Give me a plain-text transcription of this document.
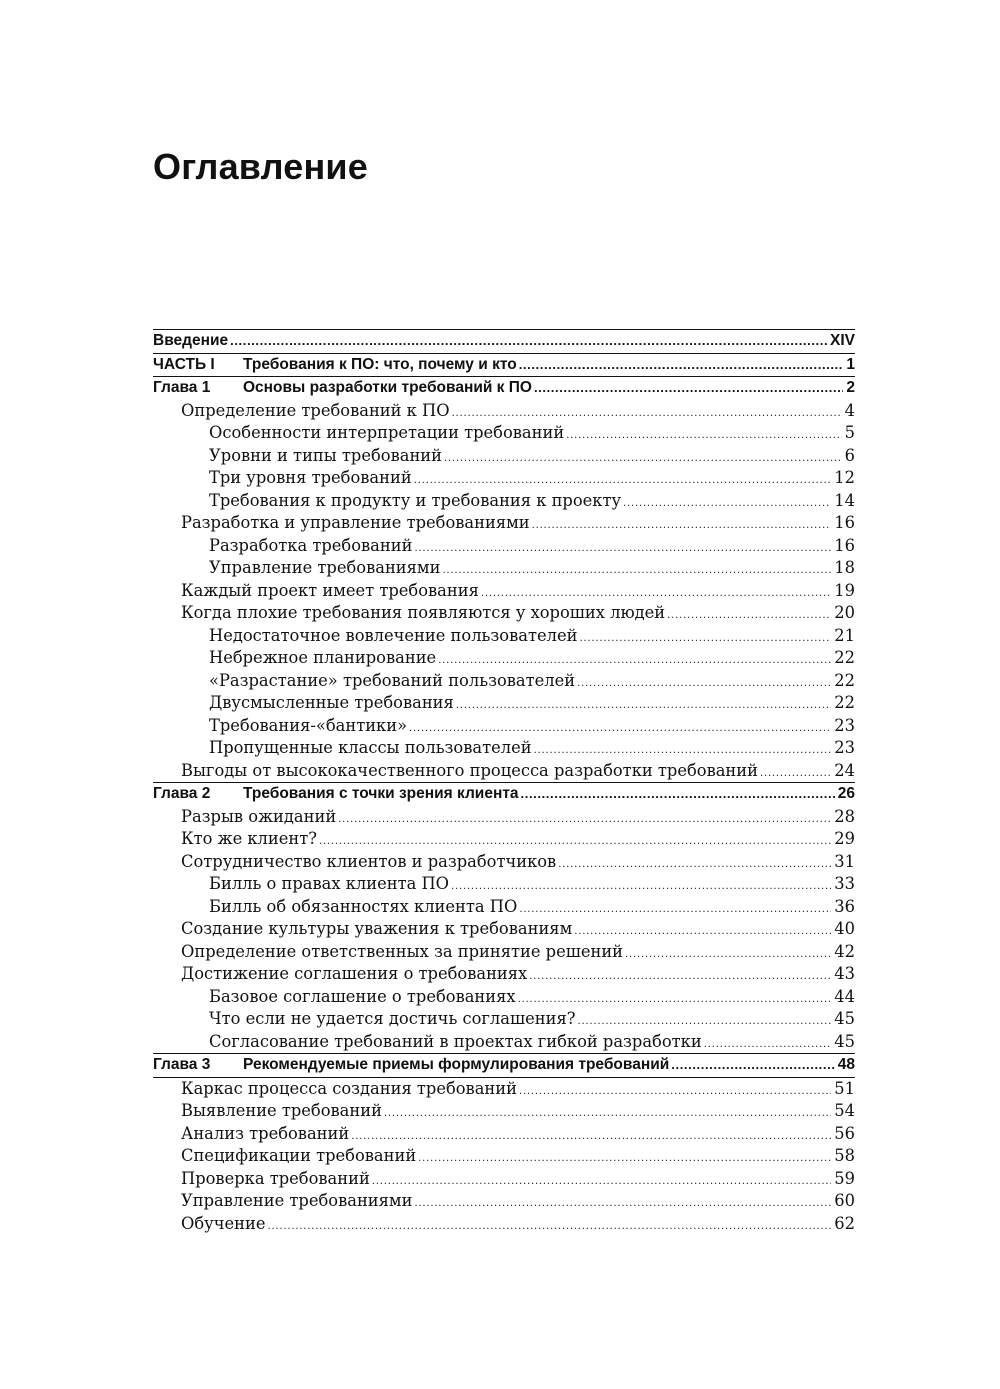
Оглавление
Введение .....	XIV
ЧАСТЬ I Требования к ПО: что, почему и кто .....	1
Глава 1 Основы разработки требований к ПО .....	2
Определение требований к ПО .....	4
Особенности интерпретации требований .....	5
Уровни и типы требований .....	6
Три уровня требований .....	12
Требования к продукту и требования к проекту .....	14
Разработка и управление требованиями .....	16
Разработка требований .....	16
Управление требованиями .....	18
Каждый проект имеет требования .....	19
Когда плохие требования появляются у хороших людей .....	20
Недостаточное вовлечение пользователей .....	21
Небрежное планирование .....	22
«Разрастание» требований пользователей .....	22
Двусмысленные требования .....	22
Требования-«бантики» .....	23
Пропущенные классы пользователей .....	23
Выгоды от высококачественного процесса разработки требований .....	24
Глава 2 Требования с точки зрения клиента .....	26
Разрыв ожиданий .....	28
Кто же клиент? .....	29
Сотрудничество клиентов и разработчиков .....	31
Билль о правах клиента ПО .....	33
Билль об обязанностях клиента ПО .....	36
Создание культуры уважения к требованиям .....	40
Определение ответственных за принятие решений .....	42
Достижение соглашения о требованиях .....	43
Базовое соглашение о требованиях .....	44
Что если не удается достичь соглашения? .....	45
Согласование требований в проектах гибкой разработки .....	45
Глава 3 Рекомендуемые приемы формулирования требований .....	48
Каркас процесса создания требований .....	51
Выявление требований .....	54
Анализ требований .....	56
Спецификации требований .....	58
Проверка требований .....	59
Управление требованиями .....	60
Обучение .....	62
